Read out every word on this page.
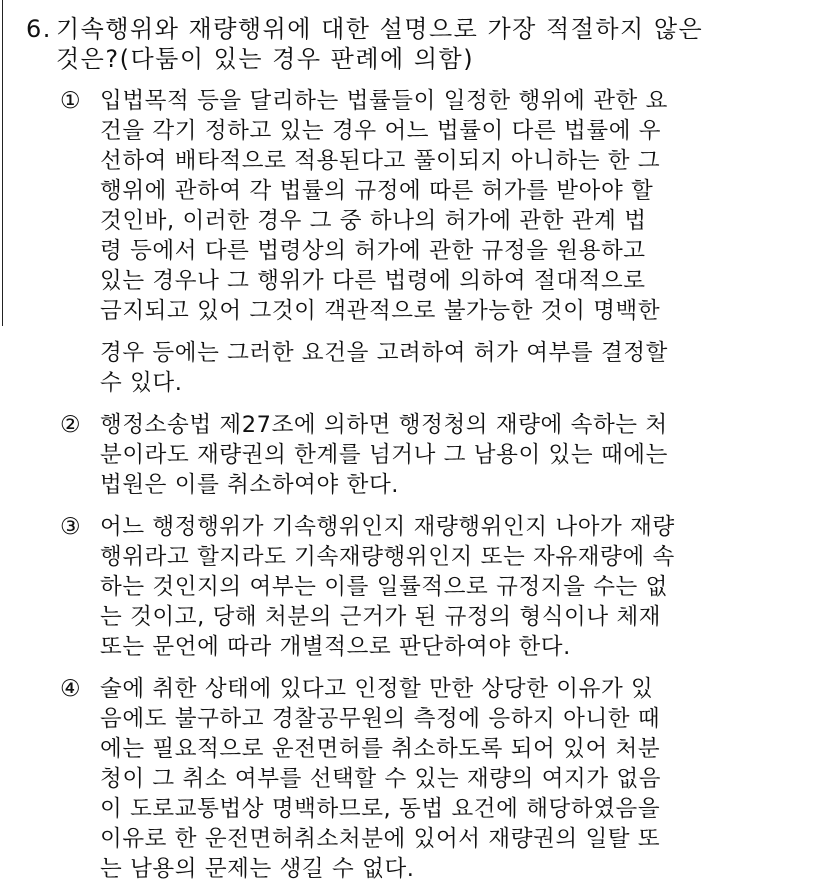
6. 기속행위와 재량행위에 대한 설명으로 가장 적절하지 않은
것은?(다툼이 있는 경우 판례에 의함)
① 입법목적 등을 달리하는 법률들이 일정한 행위에 관한 요
건을 각기 정하고 있는 경우 어느 법률이 다른 법률에 우
선하여 배타적으로 적용된다고 풀이되지 아니하는 한 그
행위에 관하여 각 법률의 규정에 따른 허가를 받아야 할
것인바, 이러한 경우 그 중 하나의 허가에 관한 관계 법
령 등에서 다른 법령상의 허가에 관한 규정을 원용하고
있는 경우나 그 행위가 다른 법령에 의하여 절대적으로
금지되고 있어 그것이 객관적으로 불가능한 것이 명백한
경우 등에는 그러한 요건을 고려하여 허가 여부를 결정할
수 있다.
② 행정소송법 제27조에 의하면 행정청의 재량에 속하는 처
분이라도 재량권의 한계를 넘거나 그 남용이 있는 때에는
법원은 이를 취소하여야 한다.
③ 어느 행정행위가 기속행위인지 재량행위인지 나아가 재량
행위라고 할지라도 기속재량행위인지 또는 자유재량에 속
하는 것인지의 여부는 이를 일률적으로 규정지을 수는 없
는 것이고, 당해 처분의 근거가 된 규정의 형식이나 체재
또는 문언에 따라 개별적으로 판단하여야 한다.
④ 술에 취한 상태에 있다고 인정할 만한 상당한 이유가 있
음에도 불구하고 경찰공무원의 측정에 응하지 아니한 때
에는 필요적으로 운전면허를 취소하도록 되어 있어 처분
청이 그 취소 여부를 선택할 수 있는 재량의 여지가 없음
이 도로교통법상 명백하므로, 동법 요건에 해당하였음을
이유로 한 운전면허취소처분에 있어서 재량권의 일탈 또
는 남용의 문제는 생길 수 없다.
